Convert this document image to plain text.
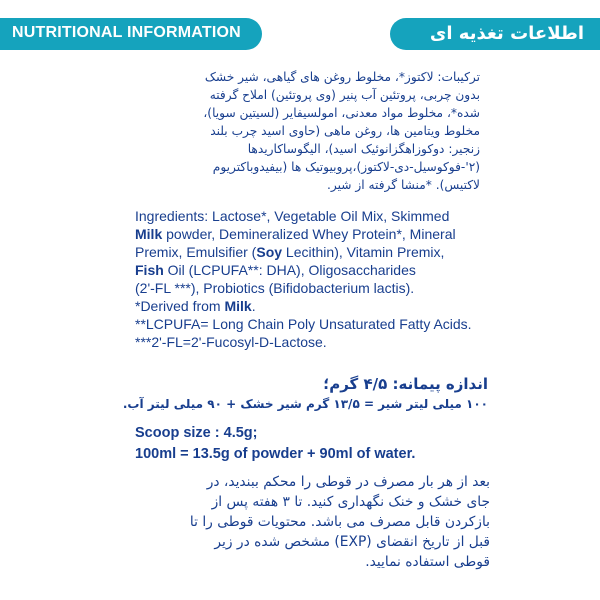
NUTRITIONAL INFORMATION	اطلاعات تغذیه ای
ترکیبات: لاکتوز*، مخلوط روغن های گیاهی، شیر خشک
بدون چربی، پروتئین آب پنیر (وی پروتئین) املاح گرفته
شده*، مخلوط مواد معدنی، امولسیفایر (لسیتین سویا)،
مخلوط ویتامین ها، روغن ماهی (حاوی اسید چرب بلند
زنجیر: دوکوزاهگزانوئیک اسید)، الیگوساکاریدها
(۲'-فوکوسیل-دی-لاکتوز)،پروبیوتیک ها (بیفیدوباکتریوم
لاکتیس). *منشا گرفته از شیر.
Ingredients: Lactose*, Vegetable Oil Mix, Skimmed
Milk powder, Demineralized Whey Protein*, Mineral
Premix, Emulsifier (Soy Lecithin), Vitamin Premix,
Fish Oil (LCPUFA**: DHA), Oligosaccharides
(2'-FL ***), Probiotics (Bifidobacterium lactis).
*Derived from Milk.
**LCPUFA= Long Chain Poly Unsaturated Fatty Acids.
***2'-FL=2'-Fucosyl-D-Lactose.
اندازه پیمانه: ۴/۵ گرم؛
۱۰۰ میلی لیتر شیر = ۱۳/۵ گرم شیر خشک + ۹۰ میلی لیتر آب.
Scoop size : 4.5g;
100ml = 13.5g of powder + 90ml of water.
بعد از هر بار مصرف در قوطی را محکم ببندید، در
جای خشک و خنک نگهداری کنید. تا ۳ هفته پس از
بازکردن قابل مصرف می باشد. محتویات قوطی را تا
قبل از تاریخ انقضای (EXP) مشخص شده در زیر
قوطی استفاده نمایید.
